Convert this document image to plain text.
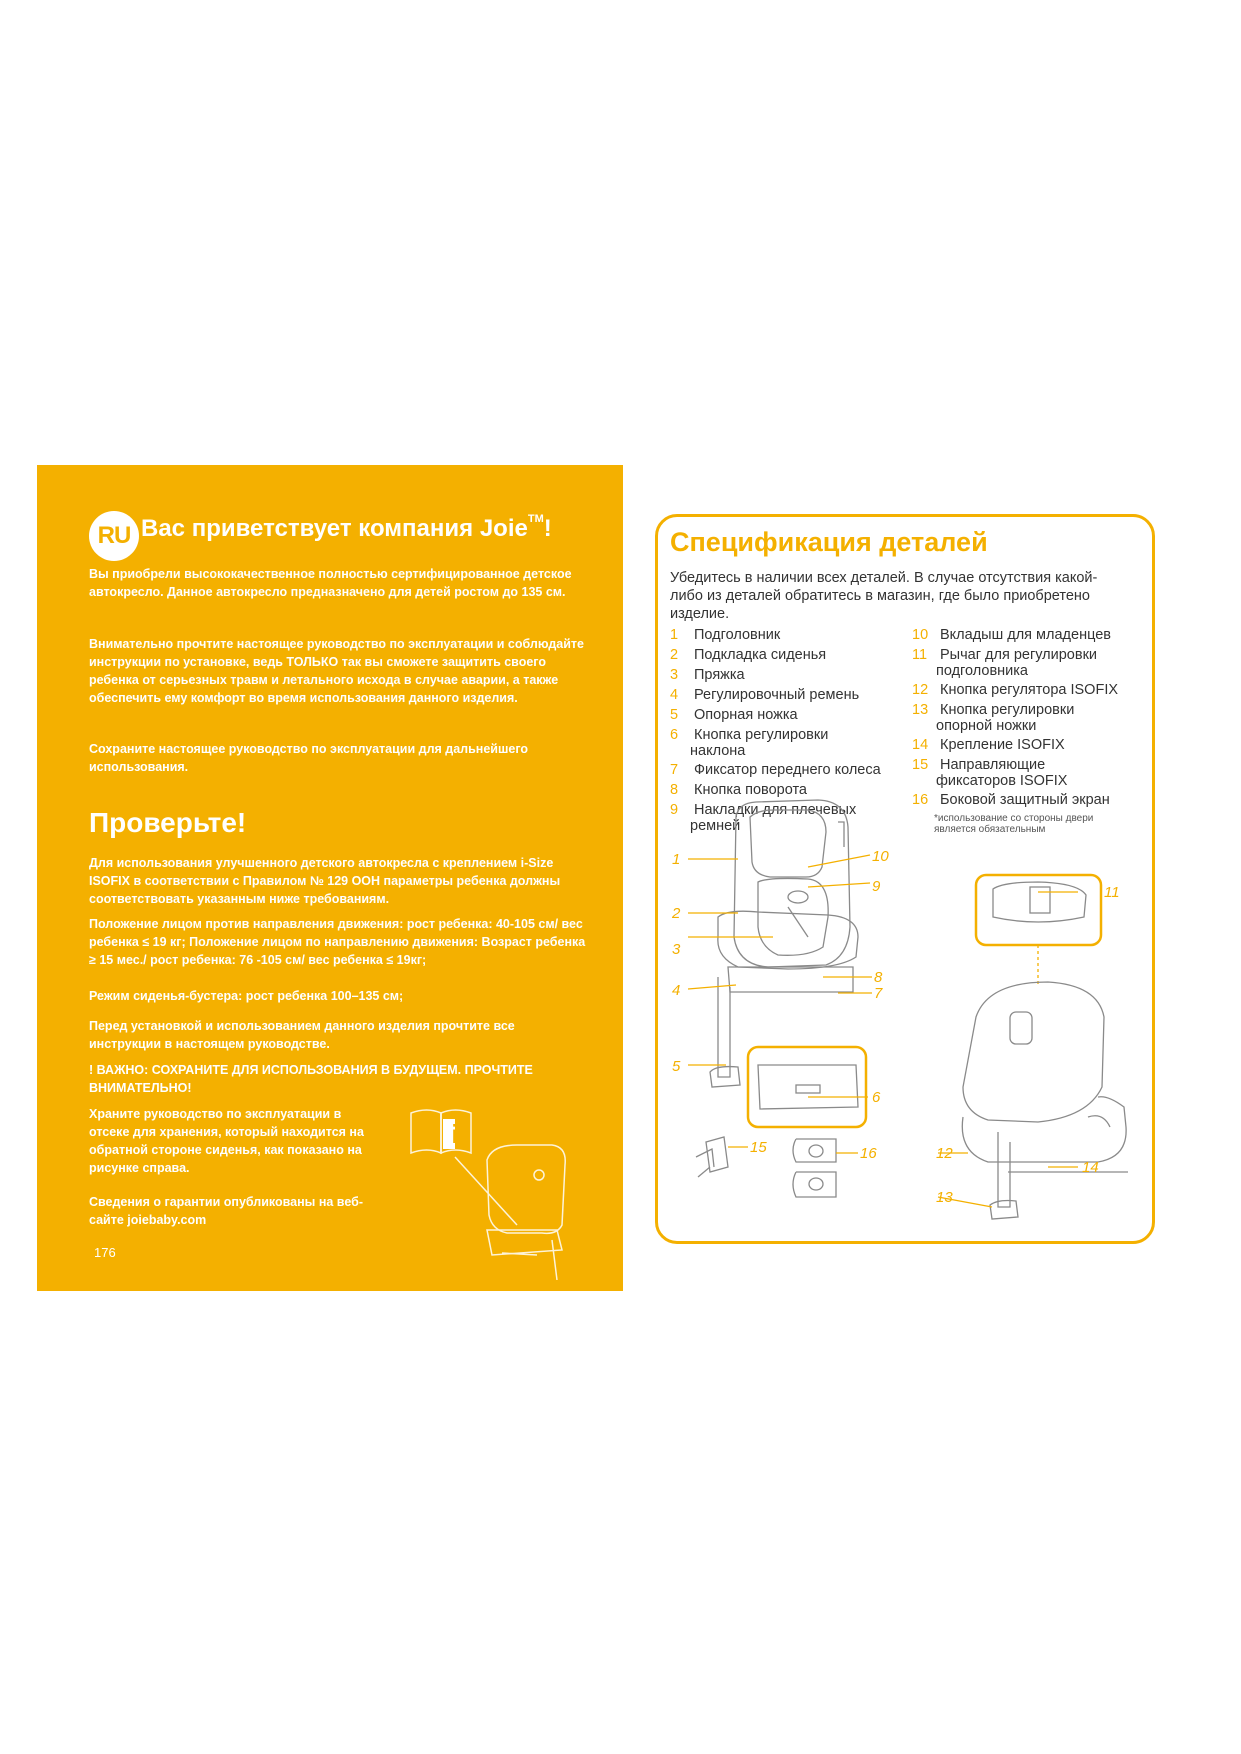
RU Вас приветствует компания Joie™!
Вы приобрели высококачественное полностью сертифицированное детское автокресло. Данное автокресло предназначено для детей ростом до 135 см.
Внимательно прочтите настоящее руководство по эксплуатации и соблюдайте инструкции по установке, ведь ТОЛЬКО так вы сможете защитить своего ребенка от серьезных травм и летального исхода в случае аварии, а также обеспечить ему комфорт во время использования данного изделия.
Сохраните настоящее руководство по эксплуатации для дальнейшего использования.
Проверьте!
Для использования улучшенного детского автокресла с креплением i-Size ISOFIX в соответствии с Правилом № 129 ООН параметры ребенка должны соответствовать указанным ниже требованиям.
Положение лицом против направления движения: рост ребенка: 40-105 см/ вес ребенка ≤ 19 кг; Положение лицом по направлению движения: Возраст ребенка ≥ 15 мес./ рост ребенка: 76 -105 см/ вес ребенка ≤ 19кг;
Режим сиденья-бустера: рост ребенка 100–135 см;
Перед установкой и использованием данного изделия прочтите все инструкции в настоящем руководстве.
! ВАЖНО: СОХРАНИТЕ ДЛЯ ИСПОЛЬЗОВАНИЯ В БУДУЩЕМ. ПРОЧТИТЕ ВНИМАТЕЛЬНО!
Храните руководство по эксплуатации в отсеке для хранения, который находится на обратной стороне сиденья, как показано на рисунке справа.
Сведения о гарантии опубликованы на веб-сайте joiebaby.com
i
176
Спецификация деталей
Убедитесь в наличии всех деталей. В случае отсутствия какой-либо из деталей обратитесь в магазин, где было приобретено изделие.
1 Подголовник
2 Подкладка сиденья
3 Пряжка
4 Регулировочный ремень
5 Опорная ножка
6 Кнопка регулировки
наклона
7 Фиксатор переднего колеса
8 Кнопка поворота
9 Накладки для плечевых
ремней
10 Вкладыш для младенцев
11 Рычаг для регулировки
подголовника
12 Кнопка регулятора ISOFIX
13 Кнопка регулировки
опорной ножки
14 Крепление ISOFIX
15 Направляющие
фиксаторов ISOFIX
16 Боковой защитный экран
*использование со стороны двери
является обязательным
1
2
3
4
5
6
7
8
9
10
11
12
13
14
15	16
